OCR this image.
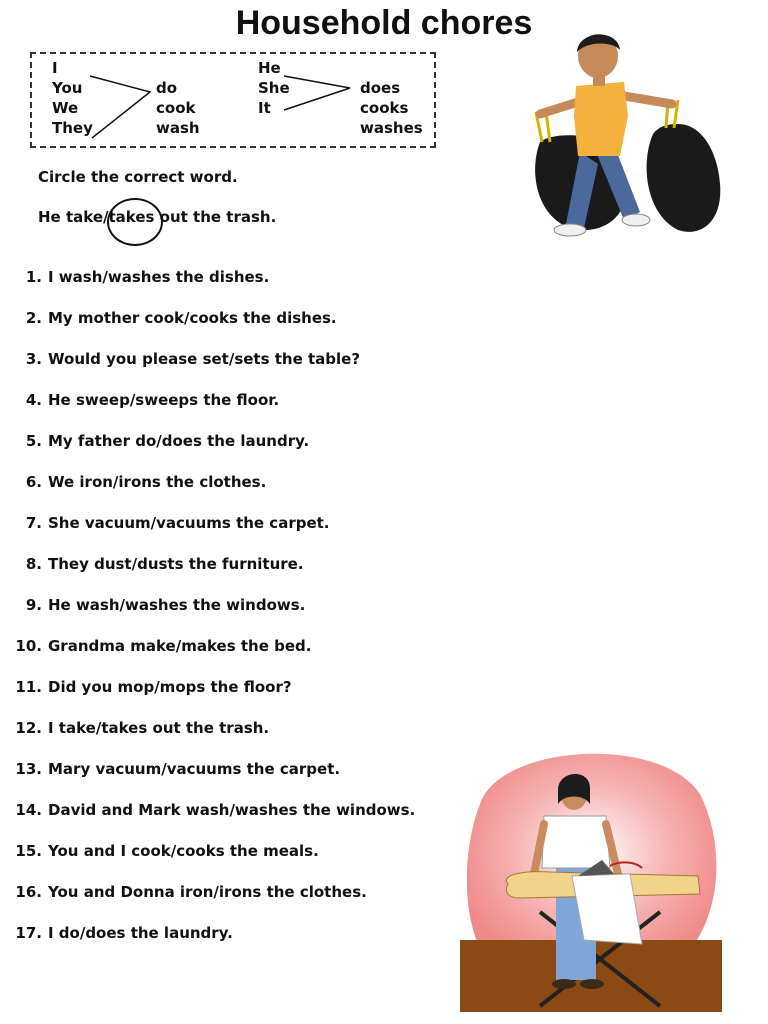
Household chores
I
You
We
They
do
cook
wash
He
She
It
does
cooks
washes
Circle the correct word.
He take/takes out the trash.
1. I wash/washes the dishes.
2. My mother cook/cooks the dishes.
3. Would you please set/sets the table?
4. He sweep/sweeps the floor.
5. My father do/does the laundry.
6. We iron/irons the clothes.
7. She vacuum/vacuums the carpet.
8. They dust/dusts the furniture.
9. He wash/washes the windows.
10. Grandma make/makes the bed.
11. Did you mop/mops the floor?
12. I take/takes out the trash.
13. Mary vacuum/vacuums the carpet.
14. David and Mark wash/washes the windows.
15. You and I cook/cooks the meals.
16. You and Donna iron/irons the clothes.
17. I do/does the laundry.
